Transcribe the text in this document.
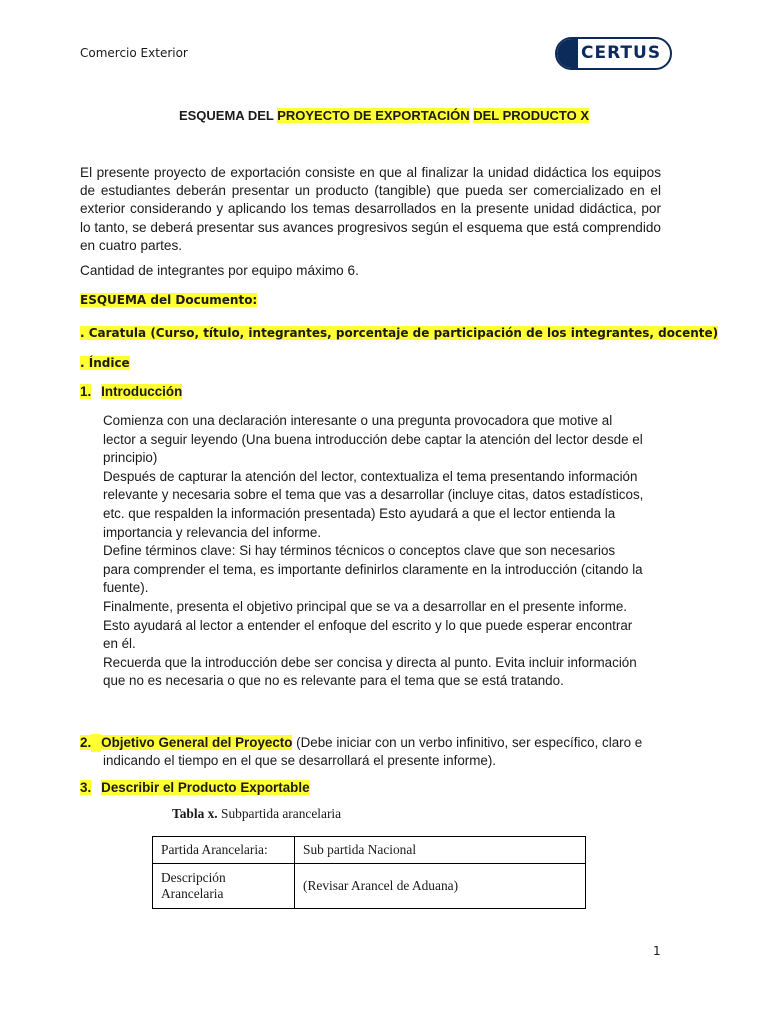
Comercio Exterior	CERTUS
ESQUEMA DEL PROYECTO DE EXPORTACIÓN DEL PRODUCTO X
El presente proyecto de exportación consiste en que al finalizar la unidad didáctica los equipos de estudiantes deberán presentar un producto (tangible) que pueda ser comercializado en el exterior considerando y aplicando los temas desarrollados en la presente unidad didáctica, por lo tanto, se deberá presentar sus avances progresivos según el esquema que está comprendido en cuatro partes.
Cantidad de integrantes por equipo máximo 6.
ESQUEMA del Documento:
. Caratula (Curso, título, integrantes, porcentaje de participación de los integrantes, docente)
. Índice
1. Introducción
Comienza con una declaración interesante o una pregunta provocadora que motive al
lector a seguir leyendo (Una buena introducción debe captar la atención del lector desde el
principio)
Después de capturar la atención del lector, contextualiza el tema presentando información
relevante y necesaria sobre el tema que vas a desarrollar (incluye citas, datos estadísticos,
etc. que respalden la información presentada) Esto ayudará a que el lector entienda la
importancia y relevancia del informe.
Define términos clave: Si hay términos técnicos o conceptos clave que son necesarios
para comprender el tema, es importante definirlos claramente en la introducción (citando la
fuente).
Finalmente, presenta el objetivo principal que se va a desarrollar en el presente informe.
Esto ayudará al lector a entender el enfoque del escrito y lo que puede esperar encontrar
en él.
Recuerda que la introducción debe ser concisa y directa al punto. Evita incluir información
que no es necesaria o que no es relevante para el tema que se está tratando.
2. Objetivo General del Proyecto (Debe iniciar con un verbo infinitivo, ser específico, claro e
indicando el tiempo en el que se desarrollará el presente informe).
3. Describir el Producto Exportable
Tabla x. Subpartida arancelaria
Partida Arancelaria:	Sub partida Nacional
Descripción Arancelaria	(Revisar Arancel de Aduana)
1
